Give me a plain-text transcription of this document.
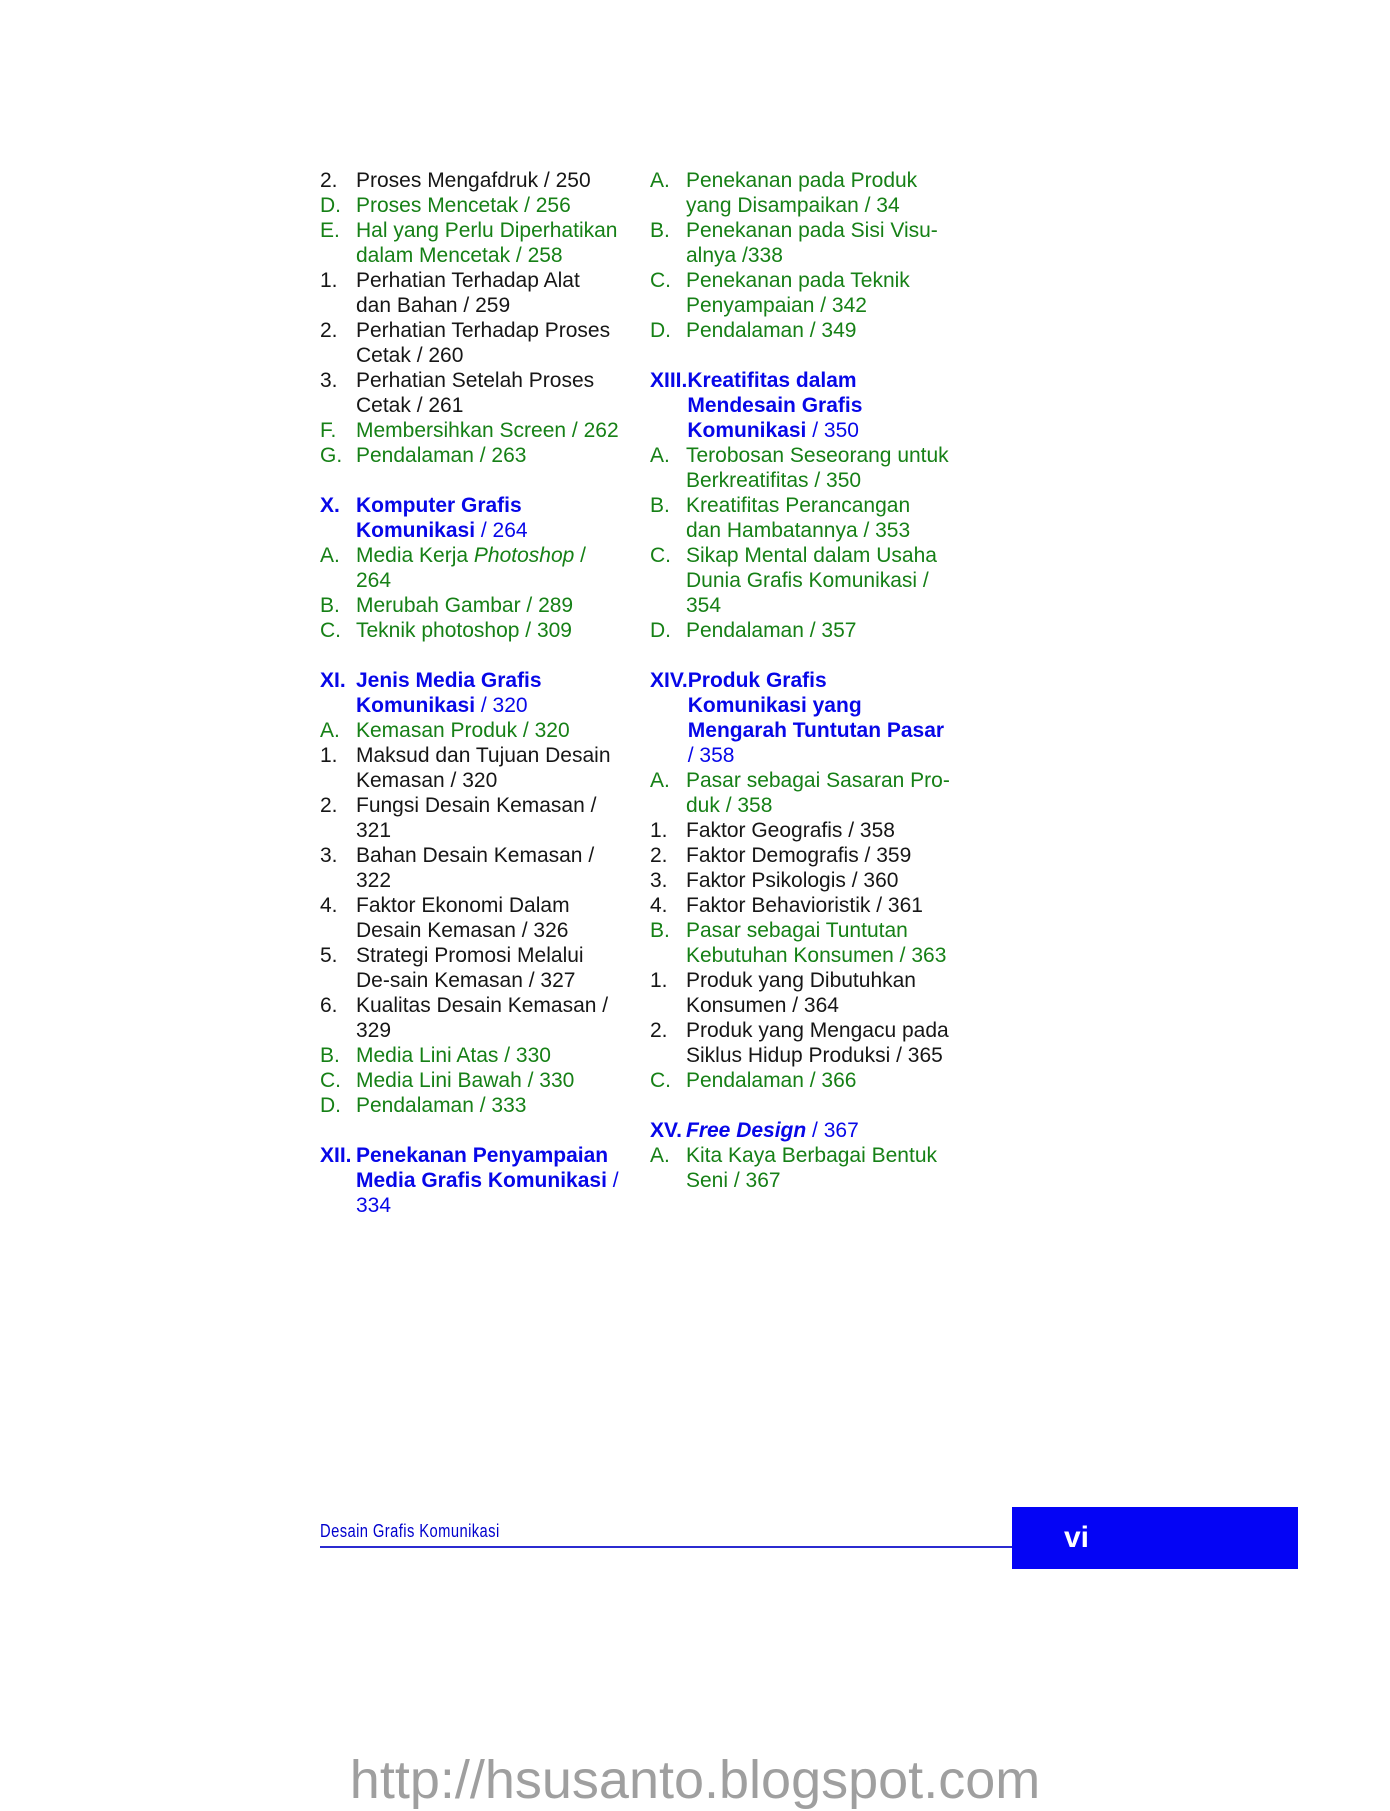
2. Proses Mengafdruk / 250
D. Proses Mencetak / 256
E. Hal yang Perlu Diperhatikan dalam Mencetak / 258
1. Perhatian Terhadap Alat dan Bahan / 259
2. Perhatian Terhadap Proses Cetak / 260
3. Perhatian Setelah Proses Cetak / 261
F. Membersihkan Screen / 262
G. Pendalaman / 263
X. Komputer Grafis Komunikasi / 264
A. Media Kerja Photoshop / 264
B. Merubah Gambar / 289
C. Teknik photoshop / 309
XI. Jenis Media Grafis Komunikasi / 320
A. Kemasan Produk / 320
1. Maksud dan Tujuan Desain Kemasan / 320
2. Fungsi Desain Kemasan / 321
3. Bahan Desain Kemasan / 322
4. Faktor Ekonomi Dalam Desain Kemasan / 326
5. Strategi Promosi Melalui De-sain Kemasan / 327
6. Kualitas Desain Kemasan / 329
B. Media Lini Atas / 330
C. Media Lini Bawah / 330
D. Pendalaman / 333
XII. Penekanan Penyampaian Media Grafis Komunikasi / 334
A. Penekanan pada Produk yang Disampaikan / 34
B. Penekanan pada Sisi Visu-alnya /338
C. Penekanan pada Teknik Penyampaian / 342
D. Pendalaman / 349
XIII. Kreatifitas dalam Mendesain Grafis Komunikasi / 350
A. Terobosan Seseorang untuk Berkreatifitas / 350
B. Kreatifitas Perancangan dan Hambatannya / 353
C. Sikap Mental dalam Usaha Dunia Grafis Komunikasi / 354
D. Pendalaman / 357
XIV. Produk Grafis Komunikasi yang Mengarah Tuntutan Pasar / 358
A. Pasar sebagai Sasaran Pro-duk / 358
1. Faktor Geografis / 358
2. Faktor Demografis / 359
3. Faktor Psikologis / 360
4. Faktor Behavioristik / 361
B. Pasar sebagai Tuntutan Kebutuhan Konsumen / 363
1. Produk yang Dibutuhkan Konsumen / 364
2. Produk yang Mengacu pada Siklus Hidup Produksi / 365
C. Pendalaman / 366
XV. Free Design / 367
A. Kita Kaya Berbagai Bentuk Seni / 367
Desain Grafis Komunikasi	vi
http://hsusanto.blogspot.com
